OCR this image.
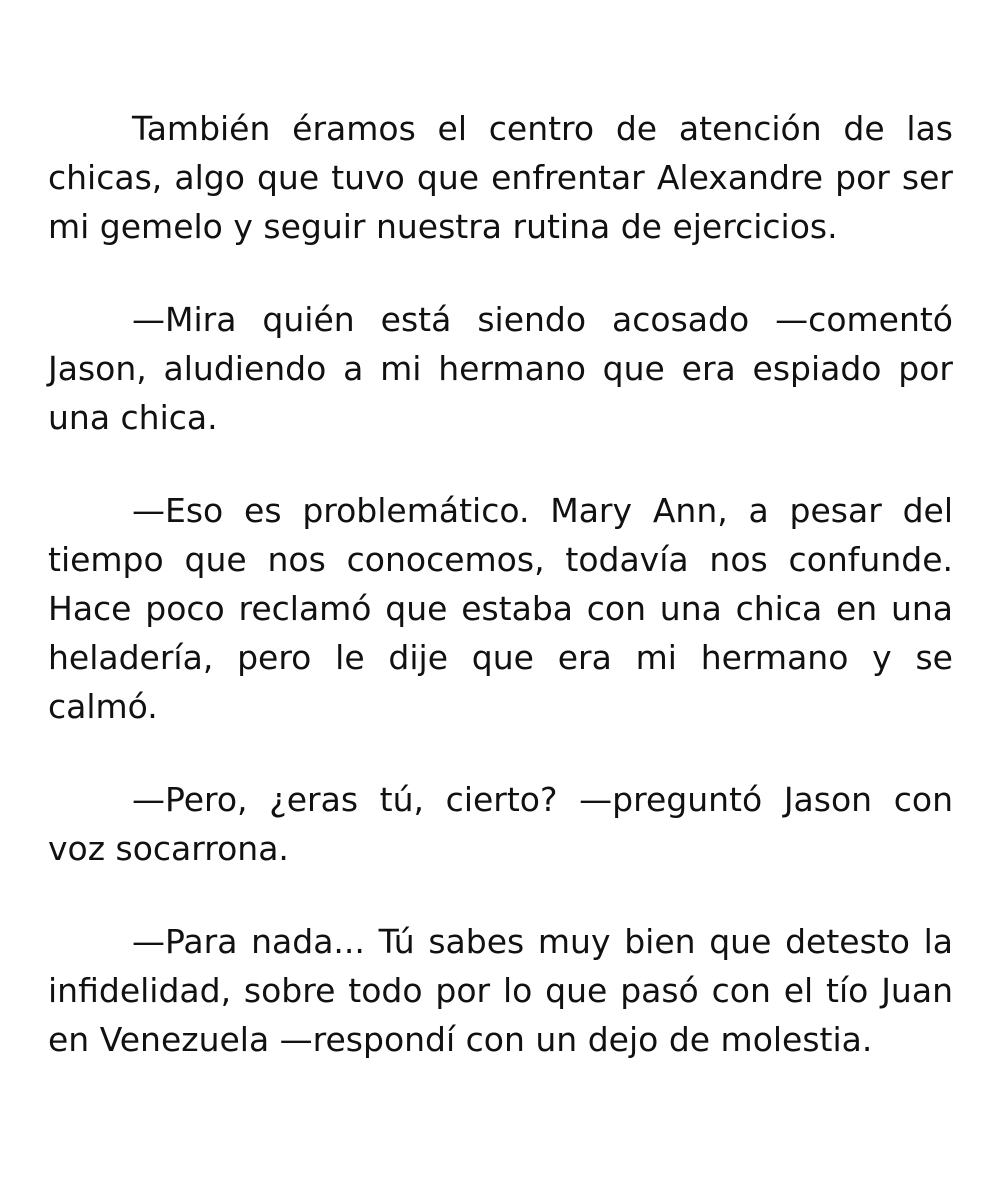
También éramos el centro de atención de las chicas, algo que tuvo que enfrentar Alexandre por ser mi gemelo y seguir nuestra rutina de ejercicios.

—Mira quién está siendo acosado —comentó Jason, aludiendo a mi hermano que era espiado por una chica.

—Eso es problemático. Mary Ann, a pesar del tiempo que nos conocemos, todavía nos confunde. Hace poco reclamó que estaba con una chica en una heladería, pero le dije que era mi hermano y se calmó.

—Pero, ¿eras tú, cierto? —preguntó Jason con voz socarrona.

—Para nada... Tú sabes muy bien que detesto la infidelidad, sobre todo por lo que pasó con el tío Juan en Venezuela —respondí con un dejo de molestia.
